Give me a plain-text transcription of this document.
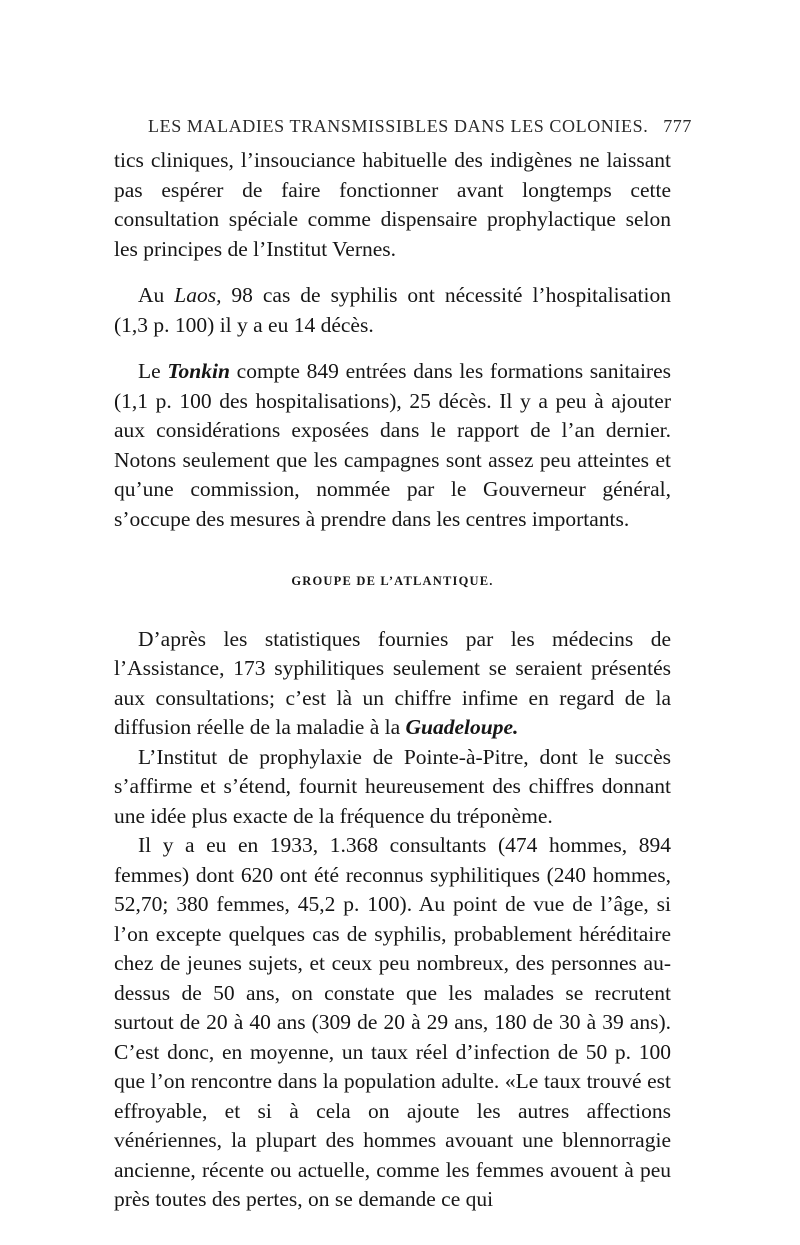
LES MALADIES TRANSMISSIBLES DANS LES COLONIES. 777

tics cliniques, l’insouciance habituelle des indigènes ne laissant pas espérer de faire fonctionner avant longtemps cette consultation spéciale comme dispensaire prophylactique selon les principes de l’Institut Vernes.

Au Laos, 98 cas de syphilis ont nécessité l’hospitalisation (1,3 p. 100) il y a eu 14 décès.

Le Tonkin compte 849 entrées dans les formations sanitaires (1,1 p. 100 des hospitalisations), 25 décès. Il y a peu à ajouter aux considérations exposées dans le rapport de l’an dernier. Notons seulement que les campagnes sont assez peu atteintes et qu’une commission, nommée par le Gouverneur général, s’occupe des mesures à prendre dans les centres importants.

GROUPE DE L’ATLANTIQUE.

D’après les statistiques fournies par les médecins de l’Assistance, 173 syphilitiques seulement se seraient présentés aux consultations; c’est là un chiffre infime en regard de la diffusion réelle de la maladie à la Guadeloupe.

L’Institut de prophylaxie de Pointe-à-Pitre, dont le succès s’affirme et s’étend, fournit heureusement des chiffres donnant une idée plus exacte de la fréquence du tréponème.

Il y a eu en 1933, 1.368 consultants (474 hommes, 894 femmes) dont 620 ont été reconnus syphilitiques (240 hommes, 52,70; 380 femmes, 45,2 p. 100). Au point de vue de l’âge, si l’on excepte quelques cas de syphilis, probablement héréditaire chez de jeunes sujets, et ceux peu nombreux, des personnes au-dessus de 50 ans, on constate que les malades se recrutent surtout de 20 à 40 ans (309 de 20 à 29 ans, 180 de 30 à 39 ans). C’est donc, en moyenne, un taux réel d’infection de 50 p. 100 que l’on rencontre dans la population adulte. «Le taux trouvé est effroyable, et si à cela on ajoute les autres affections vénériennes, la plupart des hommes avouant une blennorragie ancienne, récente ou actuelle, comme les femmes avouent à peu près toutes des pertes, on se demande ce qui
